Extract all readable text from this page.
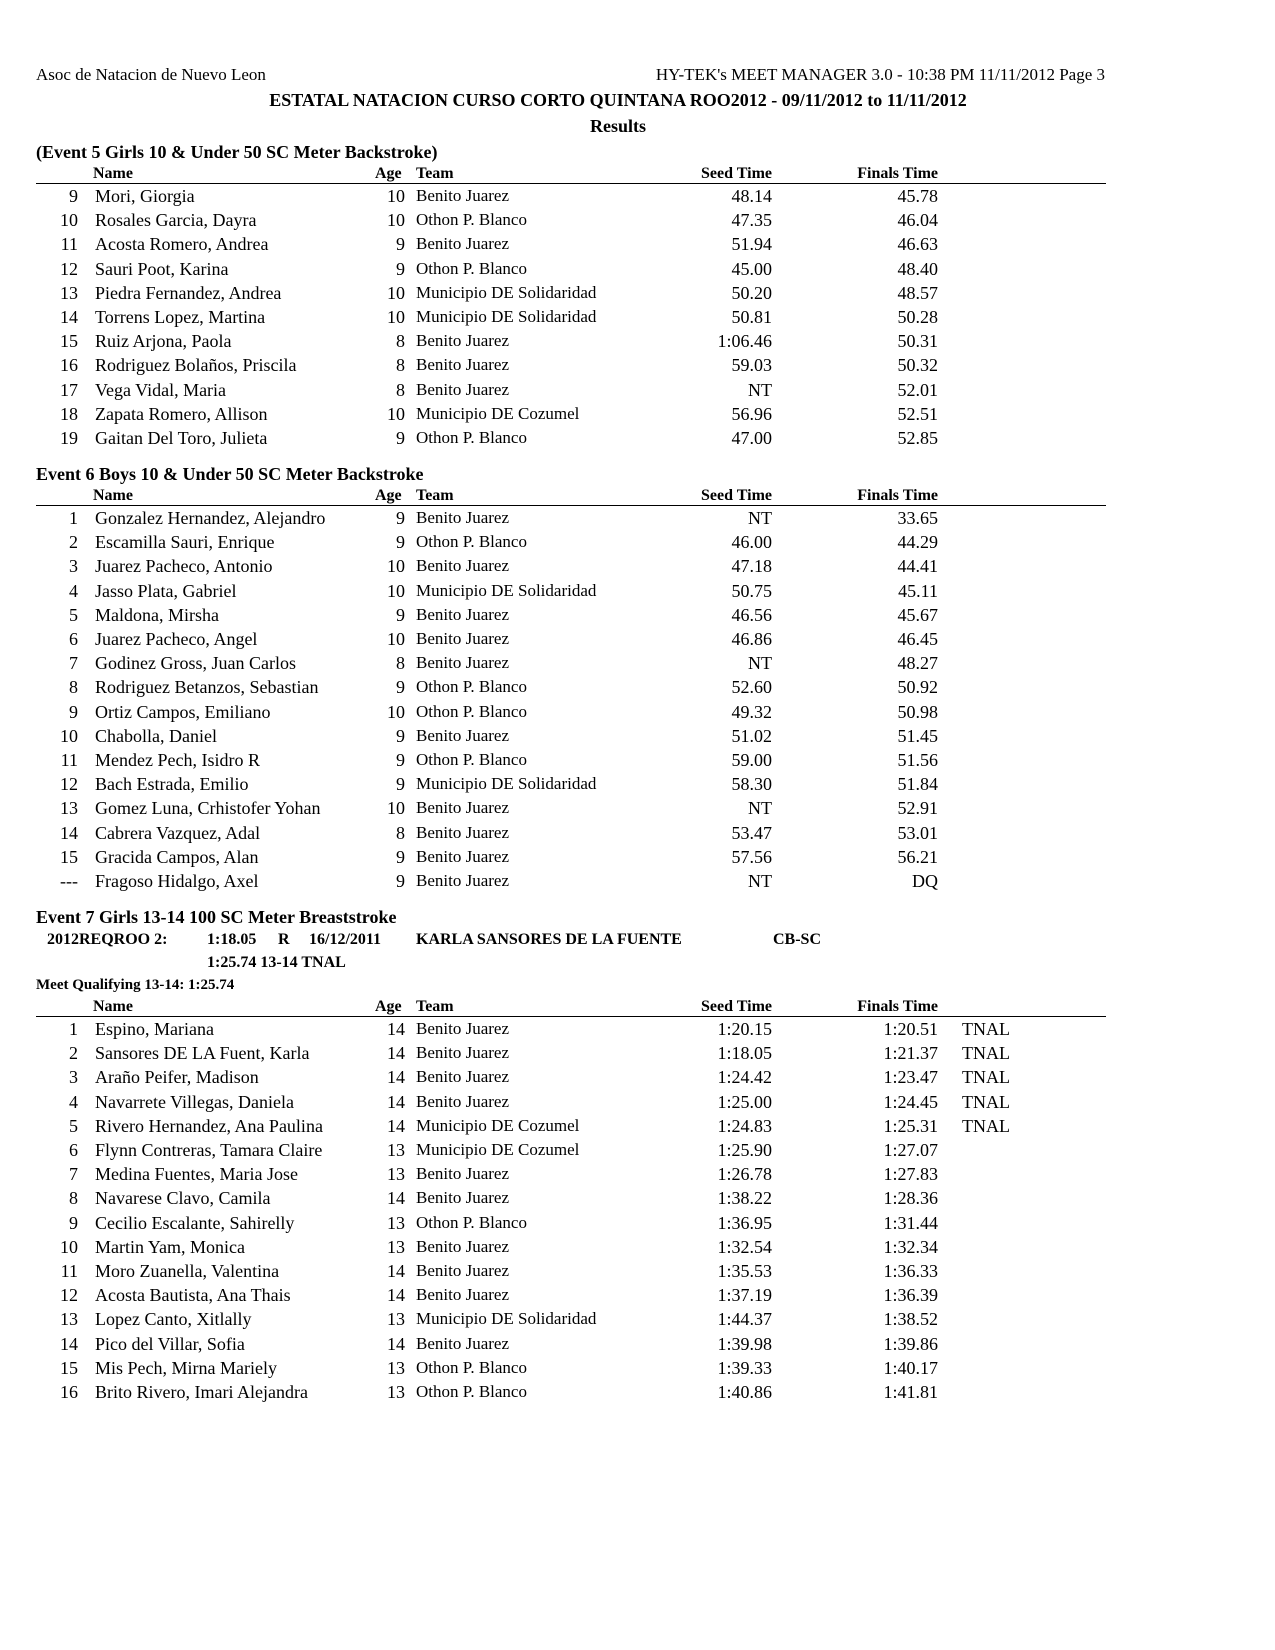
Asoc de Natacion de Nuevo Leon	HY-TEK's MEET MANAGER 3.0 - 10:38 PM 11/11/2012 Page 3
ESTATAL NATACION CURSO CORTO QUINTANA ROO2012 - 09/11/2012 to 11/11/2012
Results
(Event 5 Girls 10 & Under 50 SC Meter Backstroke)
Name	Age Team	Seed Time	Finals Time
9 Mori, Giorgia	10 Benito Juarez	48.14	45.78
10 Rosales Garcia, Dayra	10 Othon P. Blanco	47.35	46.04
11 Acosta Romero, Andrea	9 Benito Juarez	51.94	46.63
12 Sauri Poot, Karina	9 Othon P. Blanco	45.00	48.40
13 Piedra Fernandez, Andrea	10 Municipio DE Solidaridad	50.20	48.57
14 Torrens Lopez, Martina	10 Municipio DE Solidaridad	50.81	50.28
15 Ruiz Arjona, Paola	8 Benito Juarez	1:06.46	50.31
16 Rodriguez Bolaños, Priscila	8 Benito Juarez	59.03	50.32
17 Vega Vidal, Maria	8 Benito Juarez	NT	52.01
18 Zapata Romero, Allison	10 Municipio DE Cozumel	56.96	52.51
19 Gaitan Del Toro, Julieta	9 Othon P. Blanco	47.00	52.85
Event 6 Boys 10 & Under 50 SC Meter Backstroke
Name	Age Team	Seed Time	Finals Time
1 Gonzalez Hernandez, Alejandro	9 Benito Juarez	NT	33.65
2 Escamilla Sauri, Enrique	9 Othon P. Blanco	46.00	44.29
3 Juarez Pacheco, Antonio	10 Benito Juarez	47.18	44.41
4 Jasso Plata, Gabriel	10 Municipio DE Solidaridad	50.75	45.11
5 Maldona, Mirsha	9 Benito Juarez	46.56	45.67
6 Juarez Pacheco, Angel	10 Benito Juarez	46.86	46.45
7 Godinez Gross, Juan Carlos	8 Benito Juarez	NT	48.27
8 Rodriguez Betanzos, Sebastian	9 Othon P. Blanco	52.60	50.92
9 Ortiz Campos, Emiliano	10 Othon P. Blanco	49.32	50.98
10 Chabolla, Daniel	9 Benito Juarez	51.02	51.45
11 Mendez Pech, Isidro R	9 Othon P. Blanco	59.00	51.56
12 Bach Estrada, Emilio	9 Municipio DE Solidaridad	58.30	51.84
13 Gomez Luna, Crhistofer Yohan	10 Benito Juarez	NT	52.91
14 Cabrera Vazquez, Adal	8 Benito Juarez	53.47	53.01
15 Gracida Campos, Alan	9 Benito Juarez	57.56	56.21
--- Fragoso Hidalgo, Axel	9 Benito Juarez	NT	DQ
Event 7 Girls 13-14 100 SC Meter Breaststroke
2012REQROO 2: 1:18.05 R 16/12/2011 KARLA SANSORES DE LA FUENTE	CB-SC
1:25.74 13-14 TNAL
Meet Qualifying 13-14: 1:25.74
Name	Age Team	Seed Time	Finals Time
1 Espino, Mariana	14 Benito Juarez	1:20.15	1:20.51 TNAL
2 Sansores DE LA Fuent, Karla	14 Benito Juarez	1:18.05	1:21.37 TNAL
3 Araño Peifer, Madison	14 Benito Juarez	1:24.42	1:23.47 TNAL
4 Navarrete Villegas, Daniela	14 Benito Juarez	1:25.00	1:24.45 TNAL
5 Rivero Hernandez, Ana Paulina	14 Municipio DE Cozumel	1:24.83	1:25.31 TNAL
6 Flynn Contreras, Tamara Claire	13 Municipio DE Cozumel	1:25.90	1:27.07
7 Medina Fuentes, Maria Jose	13 Benito Juarez	1:26.78	1:27.83
8 Navarese Clavo, Camila	14 Benito Juarez	1:38.22	1:28.36
9 Cecilio Escalante, Sahirelly	13 Othon P. Blanco	1:36.95	1:31.44
10 Martin Yam, Monica	13 Benito Juarez	1:32.54	1:32.34
11 Moro Zuanella, Valentina	14 Benito Juarez	1:35.53	1:36.33
12 Acosta Bautista, Ana Thais	14 Benito Juarez	1:37.19	1:36.39
13 Lopez Canto, Xitlally	13 Municipio DE Solidaridad	1:44.37	1:38.52
14 Pico del Villar, Sofia	14 Benito Juarez	1:39.98	1:39.86
15 Mis Pech, Mirna Mariely	13 Othon P. Blanco	1:39.33	1:40.17
16 Brito Rivero, Imari Alejandra	13 Othon P. Blanco	1:40.86	1:41.81
